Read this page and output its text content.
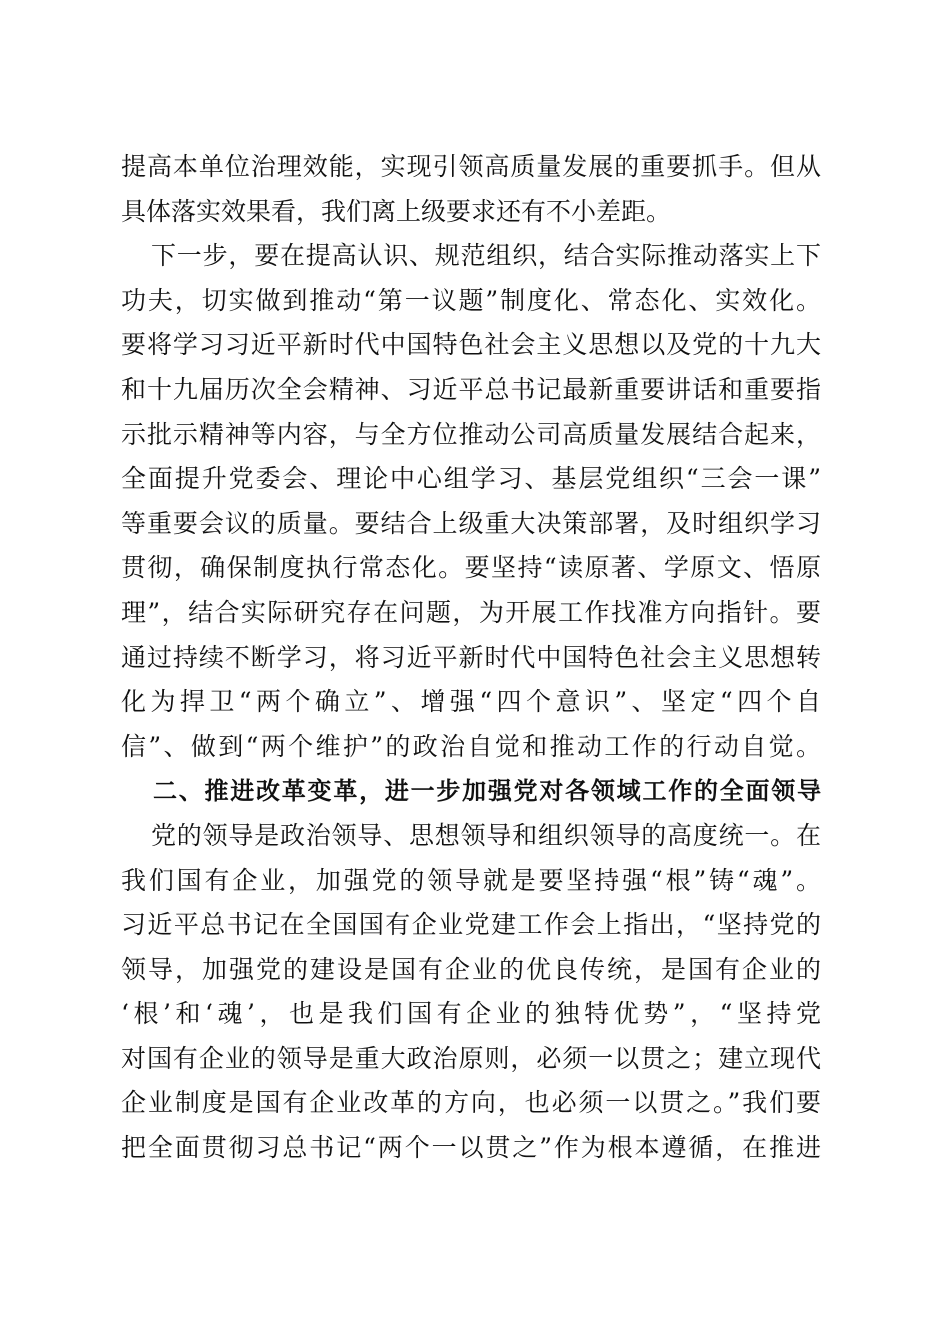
提高本单位治理效能，实现引领高质量发展的重要抓手。但从
具体落实效果看，我们离上级要求还有不小差距。
下一步，要在提高认识、规范组织，结合实际推动落实上下
功夫，切实做到推动“第一议题”制度化、常态化、实效化。
要将学习习近平新时代中国特色社会主义思想以及党的十九大
和十九届历次全会精神、习近平总书记最新重要讲话和重要指
示批示精神等内容，与全方位推动公司高质量发展结合起来，
全面提升党委会、理论中心组学习、基层党组织“三会一课”
等重要会议的质量。要结合上级重大决策部署，及时组织学习
贯彻，确保制度执行常态化。要坚持“读原著、学原文、悟原
理”，结合实际研究存在问题，为开展工作找准方向指针。要
通过持续不断学习，将习近平新时代中国特色社会主义思想转
化为捍卫“两个确立”、增强“四个意识”、坚定“四个自
信”、做到“两个维护”的政治自觉和推动工作的行动自觉。
二、推进改革变革，进一步加强党对各领域工作的全面领导
党的领导是政治领导、思想领导和组织领导的高度统一。在
我们国有企业，加强党的领导就是要坚持强“根”铸“魂”。
习近平总书记在全国国有企业党建工作会上指出，“坚持党的
领导，加强党的建设是国有企业的优良传统，是国有企业的
‘根’和‘魂’，也是我们国有企业的独特优势”，“坚持党
对国有企业的领导是重大政治原则，必须一以贯之；建立现代
企业制度是国有企业改革的方向，也必须一以贯之。”我们要
把全面贯彻习总书记“两个一以贯之”作为根本遵循，在推进
